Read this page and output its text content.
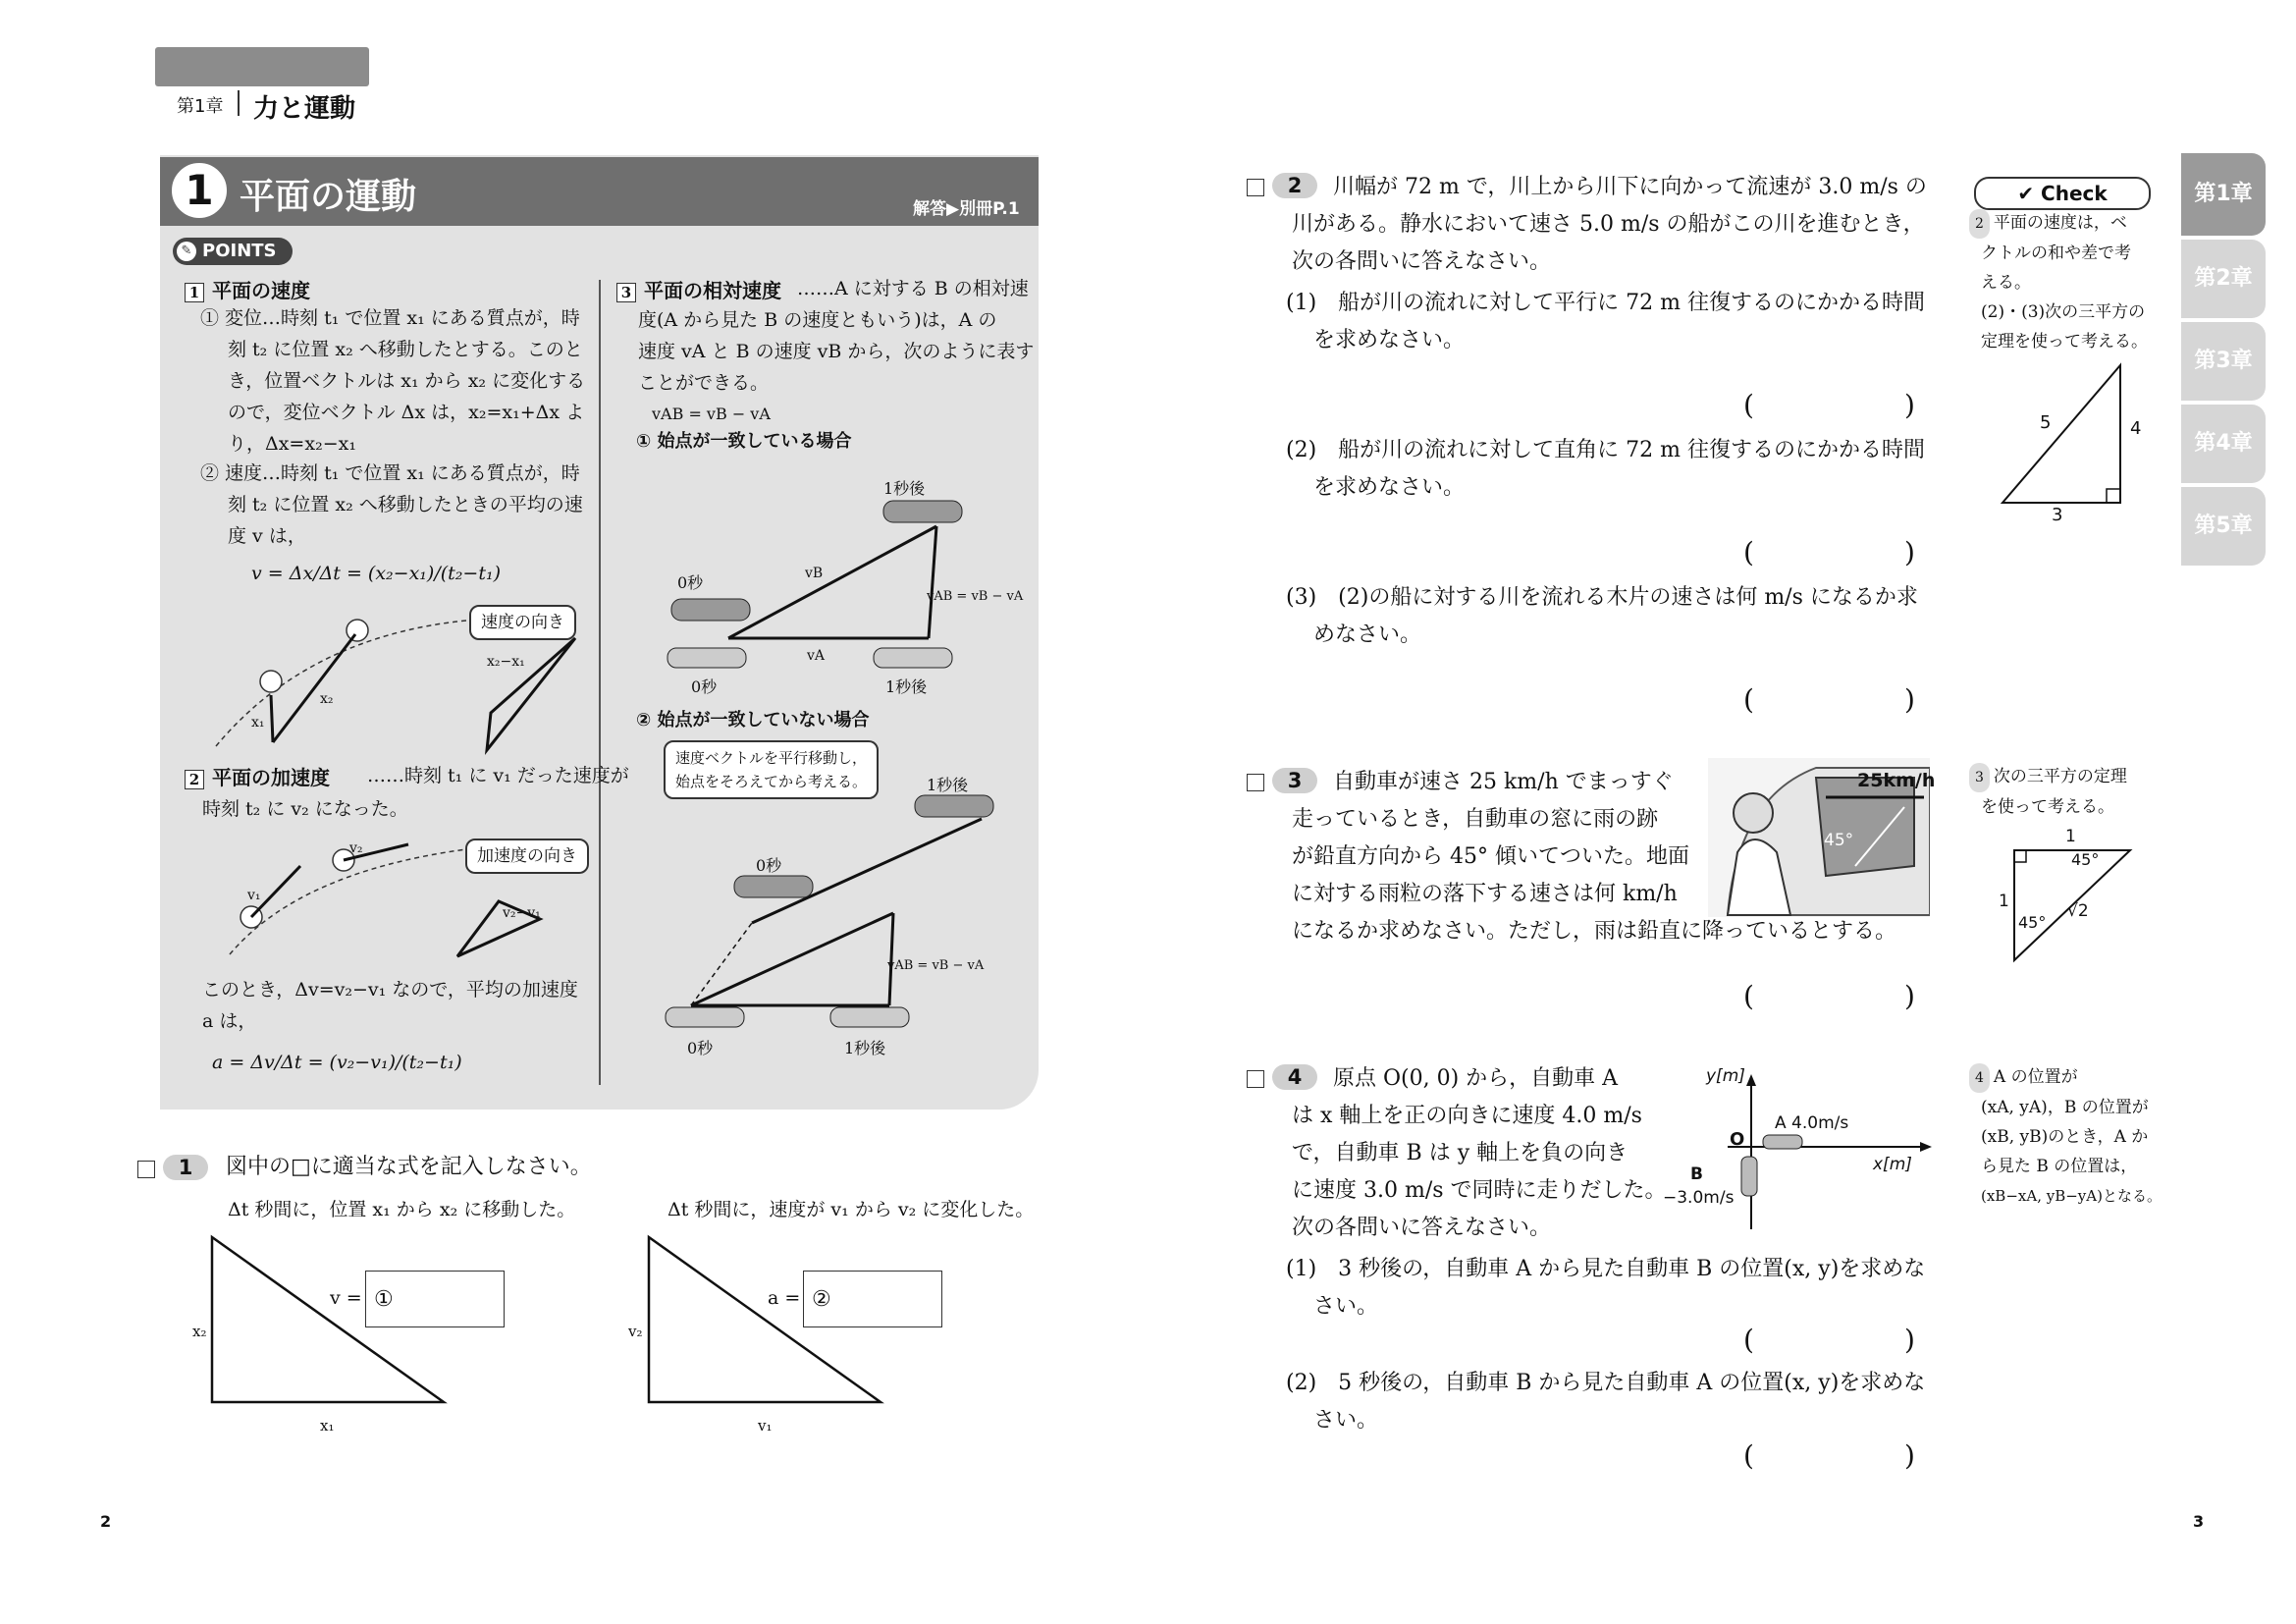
第1章 力と運動
1 平面の運動	解答▶別冊P.1
✎ POINTS
1 平面の速度
① 変位…時刻 t₁ で位置 x₁ にある質点が，時
刻 t₂ に位置 x₂ へ移動したとする。このと
き，位置ベクトルは x₁ から x₂ に変化する
ので，変位ベクトル Δx は，x₂=x₁+Δx よ
り，Δx=x₂−x₁
② 速度…時刻 t₁ で位置 x₁ にある質点が，時
刻 t₂ に位置 x₂ へ移動したときの平均の速
度 v は，
v = Δx/Δt = (x₂−x₁)/(t₂−t₁)
速度の向き
x₁
x₂
x₂−x₁
2 平面の加速度 ……時刻 t₁ に v₁ だった速度が
時刻 t₂ に v₂ になった。
加速度の向き
v₁
v₂
v₂−v₁
このとき，Δv=v₂−v₁ なので，平均の加速度
a は，
a = Δv/Δt = (v₂−v₁)/(t₂−t₁)
3 平面の相対速度 ……A に対する B の相対速
度(A から見た B の速度ともいう)は，A の
速度 vA と B の速度 vB から，次のように表す
ことができる。
vAB = vB − vA
① 始点が一致している場合
0秒
1秒後
0秒	1秒後
vB
vA
vAB = vB − vA
② 始点が一致していない場合
速度ベクトルを平行移動し，
始点をそろえてから考える。
0秒
1秒後
0秒	1秒後
vAB = vB − vA
1	図中の□に適当な式を記入しなさい。
Δt 秒間に，位置 x₁ から x₂ に移動した。	Δt 秒間に，速度が v₁ から v₂ に変化した。
v = ①	a = ②
x₂
x₁
v₂
v₁
2
2	川幅が 72 m で，川上から川下に向かって流速が 3.0 m/s の
川がある。静水において速さ 5.0 m/s の船がこの川を進むとき，
次の各問いに答えなさい。
(1)　船が川の流れに対して平行に 72 m 往復するのにかかる時間
を求めなさい。
(	)
(2)　船が川の流れに対して直角に 72 m 往復するのにかかる時間
を求めなさい。
(	)
(3)　(2)の船に対する川を流れる木片の速さは何 m/s になるか求
めなさい。
(	)
3	自動車が速さ 25 km/h でまっすぐ
走っているとき，自動車の窓に雨の跡
が鉛直方向から 45° 傾いてついた。地面
に対する雨粒の落下する速さは何 km/h
になるか求めなさい。ただし，雨は鉛直に降っているとする。
25km/h
45°
(	)
4	原点 O(0, 0) から，自動車 A
は x 軸上を正の向きに速度 4.0 m/s
で，自動車 B は y 軸上を負の向き
に速度 3.0 m/s で同時に走りだした。
次の各問いに答えなさい。
y[m]
x[m]
O
A 4.0m/s
B
−3.0m/s
(1)　3 秒後の，自動車 A から見た自動車 B の位置(x, y)を求めな
さい。
(	)
(2)　5 秒後の，自動車 B から見た自動車 A の位置(x, y)を求めな
さい。
(	)
✔ Check
2 平面の速度は，ベ
クトルの和や差で考
える。
(2)・(3)次の三平方の
定理を使って考える。
5	4
3
3 次の三平方の定理
を使って考える。
1
45°
1
45°
√2
4 A の位置が
(xA, yA)，B の位置が
(xB, yB)のとき，A か
ら見た B の位置は，
(xB−xA, yB−yA)となる。
第1章
第2章
第3章
第4章
第5章
3
